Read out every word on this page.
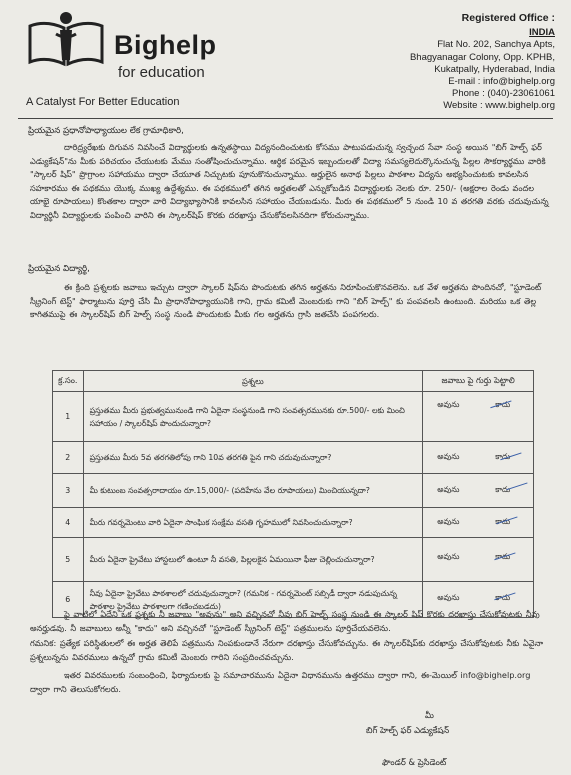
Bighelp
for education
A Catalyst For Better Education
Registered Office :
INDIA
Flat No. 202, Sanchya Apts,
Bhagyanagar Colony, Opp. KPHB,
Kukatpally, Hyderabad, India
E-mail : info@bighelp.org
Phone : (040)-23061061
Website : www.bighelp.org
ప్రియమైన ప్రధానోపాధ్యాయుల లేక గ్రామాధికారి,
దారిద్ర్యరేఖకు దిగువన నివసించే విద్యార్థులకు ఉన్నతస్థాయి విద్యనందించుటకు కోసము పాటుపడుచున్న స్వచ్ఛంద సేవా సంస్థ అయిన "బిగ్ హెల్ప్ ఫర్ ఎడ్యుకేషన్"ను మీకు పరిచయం చేయుటకు మేము సంతోషించుచున్నాము. ఆర్థిక పరమైన ఇబ్బందులతో విద్యా సమస్యలెదుర్కొనుచున్న పిల్లల సౌకర్యార్థము వారికి "స్కాలర్ షిప్" ప్రొగ్రాంల సహాయము ద్వారా చేయూత నిచ్చుటకు పూనుకొనుచున్నాము. అర్హులైన అనాథ పిల్లలు పాఠశాల విద్యను అభ్యసించుటకు కావలసిన సహకారము ఈ పథకము యొక్క ముఖ్య ఉద్దేశ్యము. ఈ పథకములో తగిన అర్హతలతో ఎన్నుకోబడిన విద్యార్థులకు నెలకు రూ. 250/- (అక్షరాల రెండు వందల యాభై రూపాయలు) కొంతకాల ద్వారా వారి విద్యాభ్యాసానికి కావలసిన సహాయం చేయబడును. మీరు ఈ పథకములో 5 నుండి 10 వ తరగతి వరకు చదువుచున్న విద్యార్థినీ విద్యార్థులకు పంపించి వారిని ఈ స్కాలర్‌షిప్ కొరకు దరఖాస్తు చేసుకోవలసినదిగా కోరుచున్నాము.
ప్రియమైన విద్యార్థి,
ఈ క్రింది ప్రశ్నలకు జవాబు ఇచ్చుట ద్వారా స్కాలర్ షిప్‌ను పొందుటకు తగిన అర్హతను నిరూపించుకొనవలెను. ఒక వేళ అర్హతను పొందినచో, "స్టూడెంట్ స్క్రీనింగ్ టెస్ట్" ఫార్మాటును పూర్తి చేసి మీ ప్రాధానోపాధ్యాయునికి గాని, గ్రామ కమిటీ మెంబరుకు గాని "బిగ్ హెల్ప్" కు పంపవలసి ఉంటుంది. మరియు ఒక తెల్ల కాగితముపై ఈ స్కాలర్‌షిప్ బిగ్ హెల్ప్ సంస్థ నుండి పొందుటకు మీకు గల అర్హతను గ్రాసి జతచేసి పంపగలరు.
క్ర.సం.	ప్రశ్నలు	జవాబు పై గుర్తు పెట్టాలి
1	ప్రస్తుతము మీరు ప్రభుత్వమునుండి గాని ఏదైనా సంస్థనుండి గాని సంవత్సరమునకు రూ.500/- లకు మించి సహాయం / స్కాలర్‌షిప్ పొందుచున్నారా?	అవును కాదు

2	ప్రస్తుతము మీరు 5వ తరగతిలోపు గాని 10వ తరగతి పైన గాని చదువుచున్నారా?	అవును కాదు

3	మీ కుటుంబ సంవత్సరాదాయం రూ.15,000/- (పదిహేను వేల రూపాయలు) మించియున్నదా?	అవును కాదు

4	మీరు గవర్నమెంటు వారి ఏదైనా సాంఘిక సంక్షేమ వసతి గృహములో నివసించుచున్నారా?	అవును కాదు

5	మీరు ఏదైనా ప్రైవేటు హాస్టలులో ఉంటూ నీ వసతి, పిల్లలకైన ఏమయినా ఫీజు చెల్లించుచున్నారా?	అవును కాదు

6	నీవు ఏదైనా ప్రైవేటు పాఠశాలలో చదువుచున్నారా? (గమనిక - గవర్నమెంట్ సబ్సిడీ ద్వారా నడుపుచున్న పాఠశాల ప్రైవేటు పాఠశాలగా గణించబడదు)	అవును కాదు
పై వాటిలో ఏదేని ఒక ప్రశ్నకు నీ జవాబు "అవును" అని వచ్చినచో నీవు బిగ్ హెల్ప్ సంస్థ నుండి ఈ స్కాలర్ షిప్ కొరకు దరఖాస్తు చేసుకోవుటకు నీవు అనర్హుడవు. నీ జవాబులు అన్నీ "కాదు" అని వచ్చినచో "స్టూడెంట్ స్క్రీనింగ్ టెస్ట్" పత్రములను పూర్తిచేయవలెను.
గమనిక: ప్రత్యేక పరిస్థితులలో ఈ అర్హత తెలిపే పత్రమును నింపకుండానే నేరుగా దరఖాస్తు చేసుకోవచ్చును. ఈ స్కాలర్‌షిప్‌కు దరఖాస్తు చేసుకోవుటకు నీకు ఏవైనా ప్రశ్నలున్నను వివరములు ఉన్నచో గ్రామ కమిటీ మెంబరు గారిని సంప్రదించవచ్చును.
ఇతర వివరములకు సంబంధించి, ఫిర్యాదులకు పై సమాచారమును ఏదైనా విధానమును ఉత్తరము ద్వారా గాని, ఈ-మెయిల్ info@bighelp.org ద్వారా గాని తెలుసుకోగలరు.
మీ
బిగ్ హెల్ప్ ఫర్ ఎడ్యుకేషన్
ఫౌండర్ & ప్రెసిడెంట్
